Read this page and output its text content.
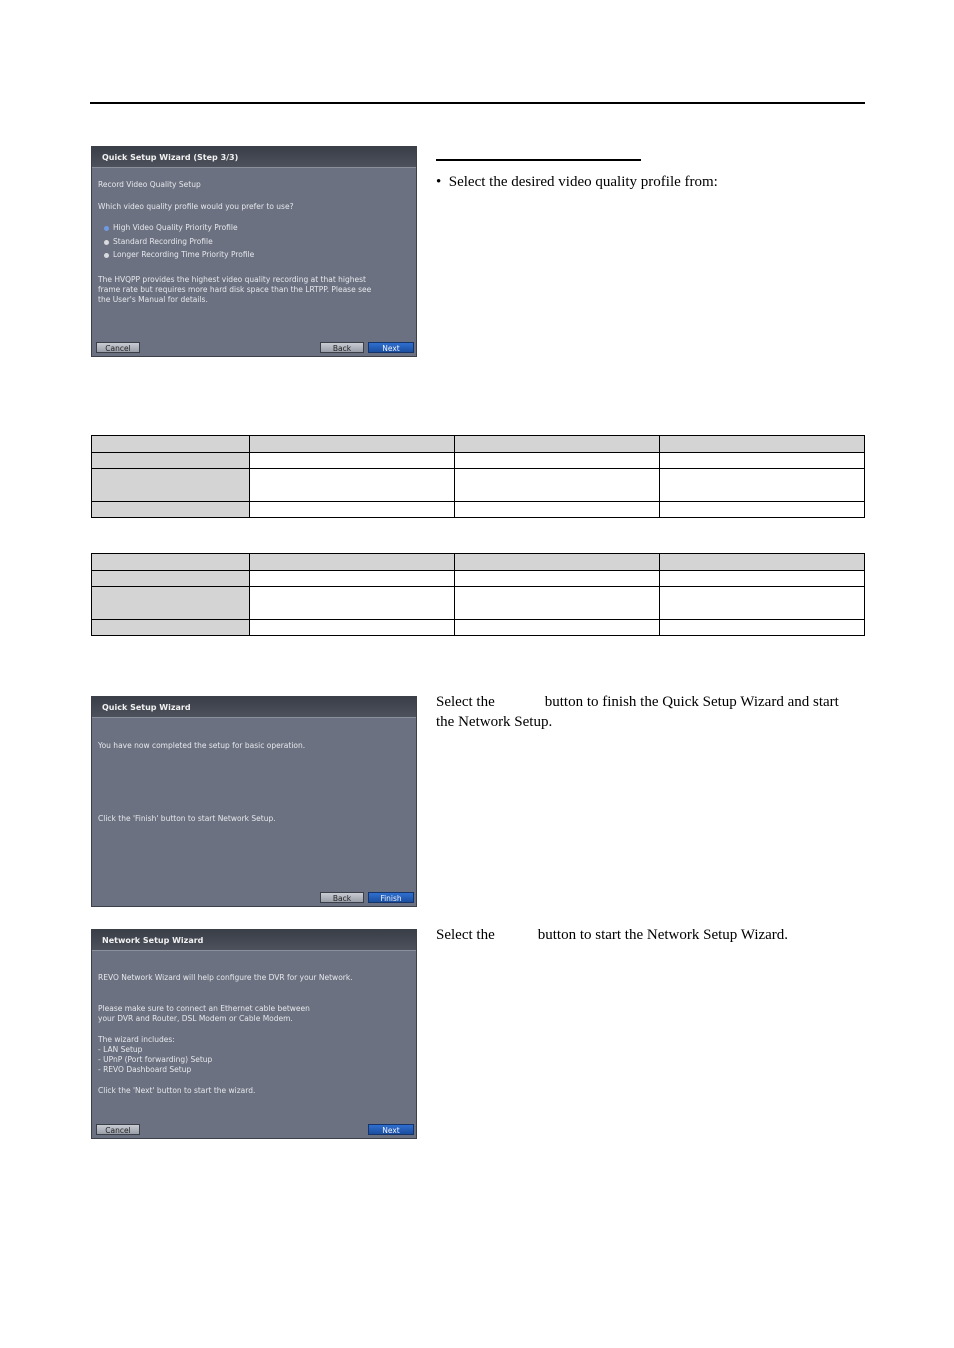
Quick Setup Wizard (Step 3/3)
Record Video Quality Setup
Which video quality profile would you prefer to use?
High Video Quality Priority Profile
Standard Recording Profile
Longer Recording Time Priority Profile
The HVQPP provides the highest video quality recording at that highest
frame rate but requires more hard disk space than the LRTPP. Please see
the User's Manual for details.
Cancel	Back	Next
• Select the desired video quality profile from:

Quick Setup Wizard
You have now completed the setup for basic operation.
Click the 'Finish' button to start Network Setup.
Back	Finish
Select the	button to finish the Quick Setup Wizard and start
the Network Setup.
Network Setup Wizard
REVO Network Wizard will help configure the DVR for your Network.
Please make sure to connect an Ethernet cable between
your DVR and Router, DSL Modem or Cable Modem.
The wizard includes:
- LAN Setup
- UPnP (Port forwarding) Setup
- REVO Dashboard Setup
Click the 'Next' button to start the wizard.
Cancel	Next
Select the	button to start the Network Setup Wizard.
